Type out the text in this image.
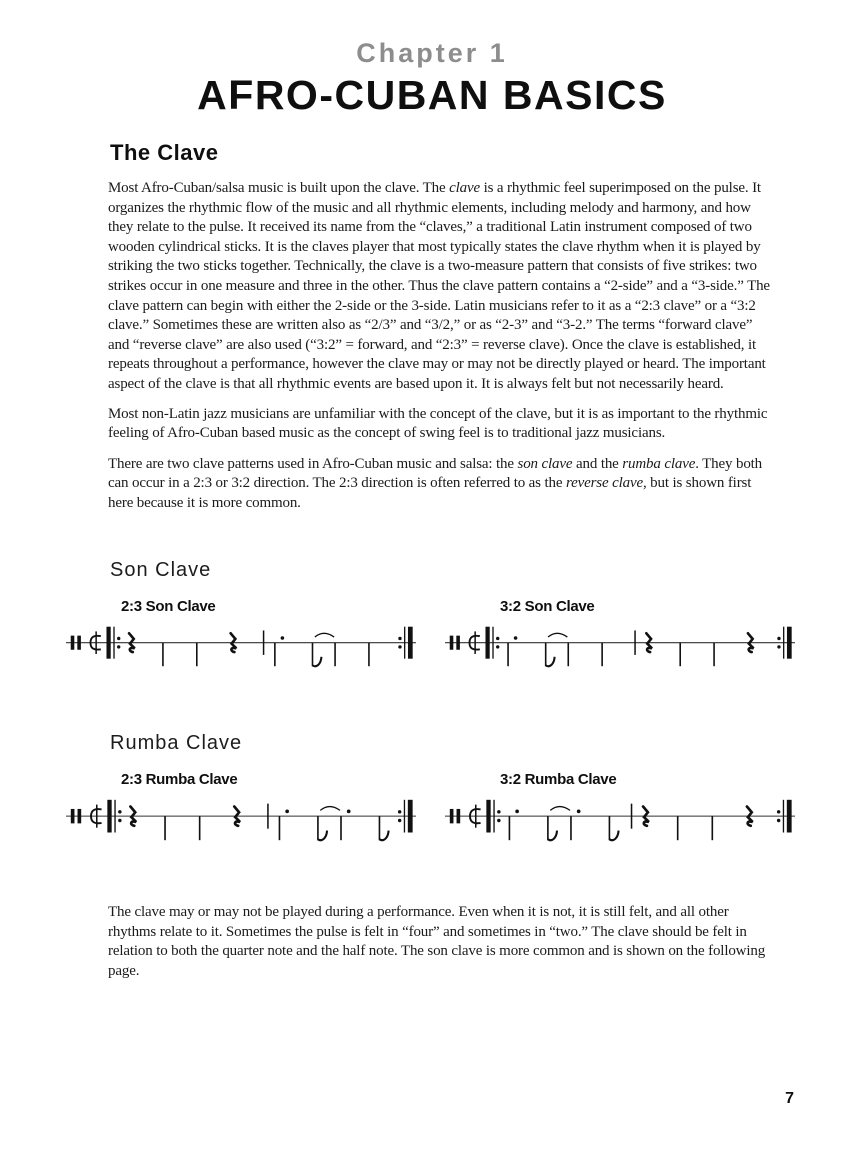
Chapter 1
AFRO-CUBAN BASICS
The Clave

Most Afro-Cuban/salsa music is built upon the clave. The clave is a rhythmic feel superimposed on the pulse. It organizes the rhythmic flow of the music and all rhythmic elements, including melody and harmony, and how they relate to the pulse. It received its name from the “claves,” a traditional Latin instrument composed of two wooden cylindrical sticks. It is the claves player that most typically states the clave rhythm when it is played by striking the two sticks together. Technically, the clave is a two-measure pattern that consists of five strikes: two strikes occur in one measure and three in the other. Thus the clave pattern contains a “2-side” and a “3-side.” The clave pattern can begin with either the 2-side or the 3-side. Latin musicians refer to it as a “2:3 clave” or a “3:2 clave.” Sometimes these are written also as “2/3” and “3/2,” or as “2-3” and “3-2.” The terms “forward clave” and “reverse clave” are also used (“3:2” = forward, and “2:3” = reverse clave). Once the clave is established, it repeats throughout a performance, however the clave may or may not be directly played or heard. The important aspect of the clave is that all rhythmic events are based upon it. It is always felt but not necessarily heard.

Most non-Latin jazz musicians are unfamiliar with the concept of the clave, but it is as important to the rhythmic feeling of Afro-Cuban based music as the concept of swing feel is to traditional jazz musicians.

There are two clave patterns used in Afro-Cuban music and salsa: the son clave and the rumba clave. They both can occur in a 2:3 or 3:2 direction. The 2:3 direction is often referred to as the reverse clave, but is shown first here because it is more common.

Son Clave
2:3 Son Clave	3:2 Son Clave
Rumba Clave
2:3 Rumba Clave	3:2 Rumba Clave

The clave may or may not be played during a performance. Even when it is not, it is still felt, and all other rhythms relate to it. Sometimes the pulse is felt in “four” and sometimes in “two.” The clave should be felt in relation to both the quarter note and the half note. The son clave is more common and is shown on the following page.

7
